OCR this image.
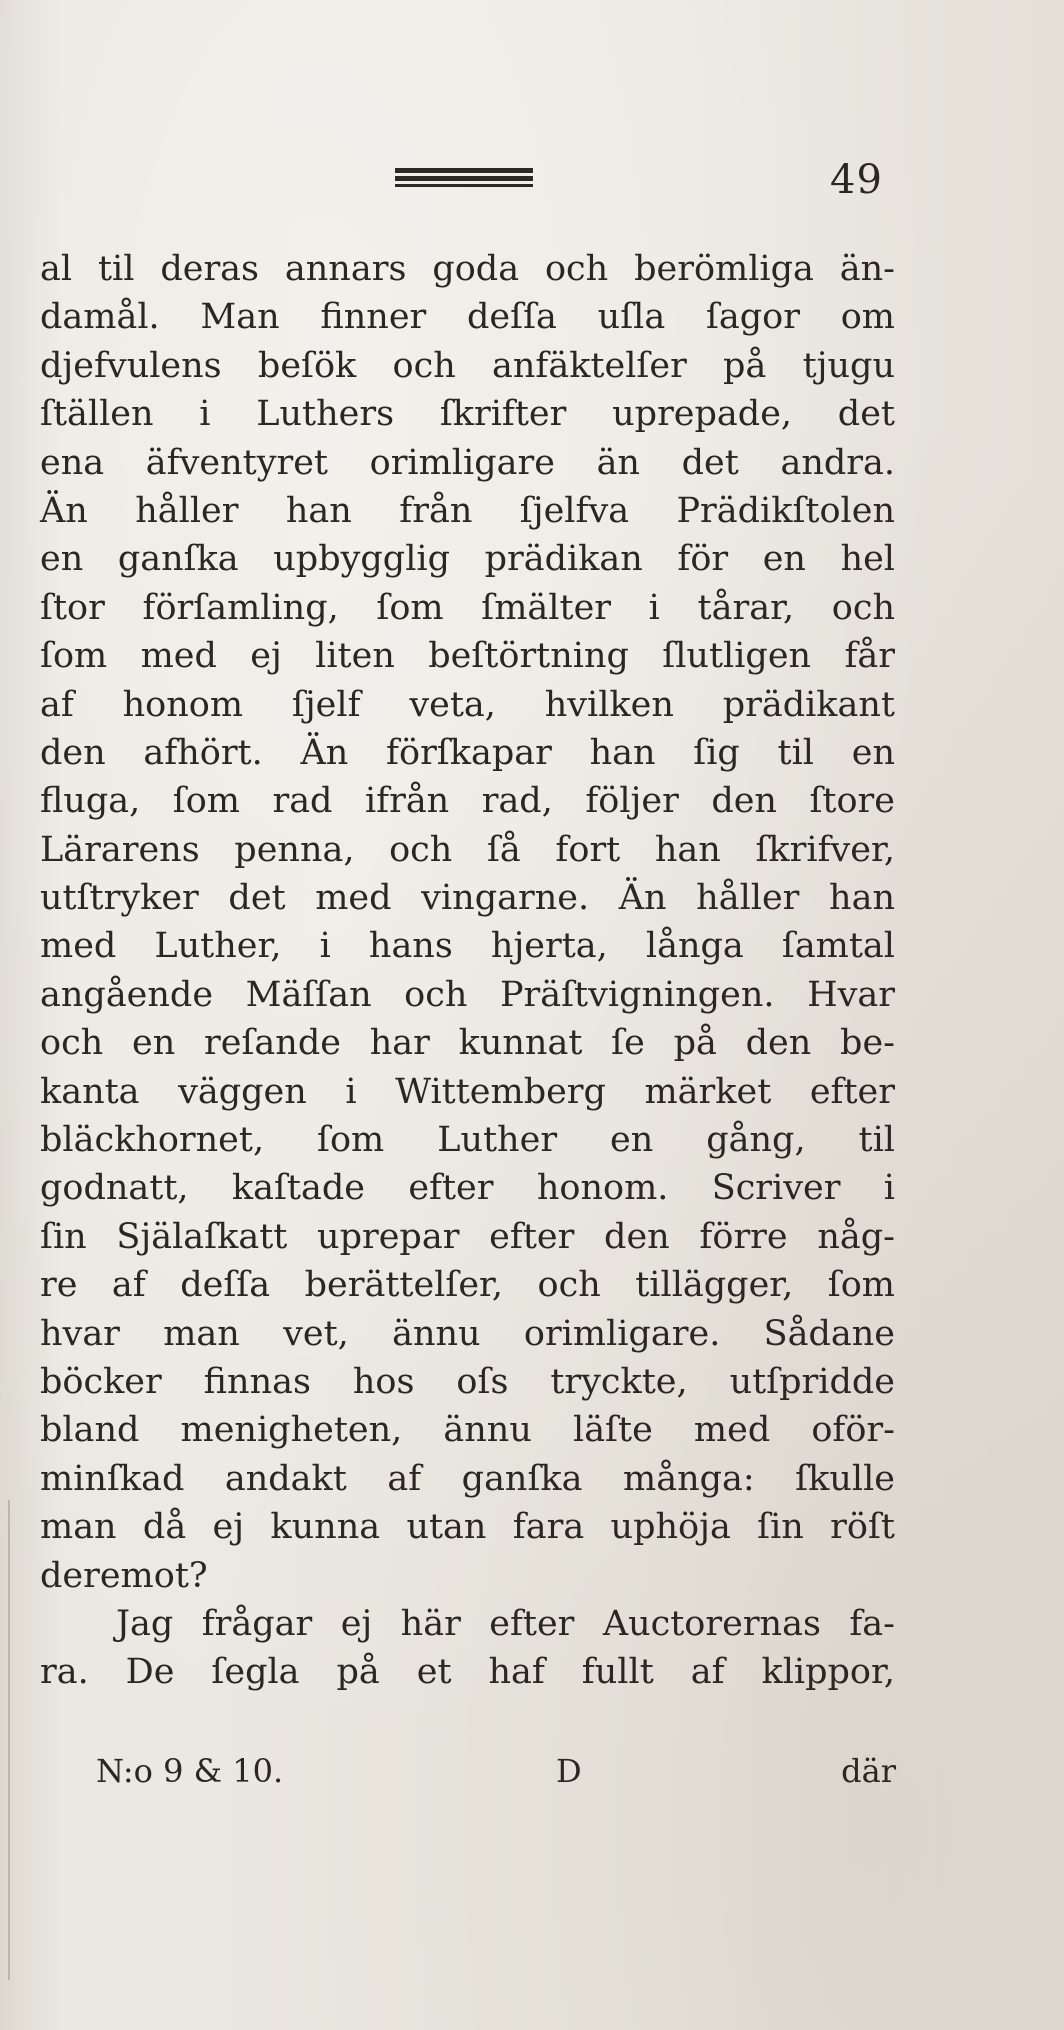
49
al til deras annars goda och berömliga än-
damål. Man finner deſſa uſla ſagor om
djefvulens beſök och anfäktelſer på tjugu
ſtällen i Luthers ſkrifter uprepade, det
ena äfventyret orimligare än det andra.
Än håller han från ſjelfva Prädikſtolen
en ganſka upbygglig prädikan för en hel
ſtor förſamling, ſom ſmälter i tårar, och
ſom med ej liten beſtörtning ſlutligen får
af honom ſjelf veta, hvilken prädikant
den afhört. Än förſkapar han ſig til en
fluga, ſom rad ifrån rad, följer den ſtore
Lärarens penna, och ſå fort han ſkrifver,
utſtryker det med vingarne. Än håller han
med Luther, i hans hjerta, långa ſamtal
angående Mäſſan och Präſtvigningen. Hvar
och en reſande har kunnat ſe på den be-
kanta väggen i Wittemberg märket efter
bläckhornet, ſom Luther en gång, til
godnatt, kaſtade efter honom. Scriver i
ſin Själaſkatt uprepar efter den förre någ-
re af deſſa berättelſer, och tillägger, ſom
hvar man vet, ännu orimligare. Sådane
böcker finnas hos oſs tryckte, utſpridde
bland menigheten, ännu läſte med oför-
minſkad andakt af ganſka många: ſkulle
man då ej kunna utan fara uphöja ſin röſt
deremot?
Jag frågar ej här efter Auctorernas fa-
ra. De ſegla på et haf fullt af klippor,
N:o 9 & 10.	D	där
